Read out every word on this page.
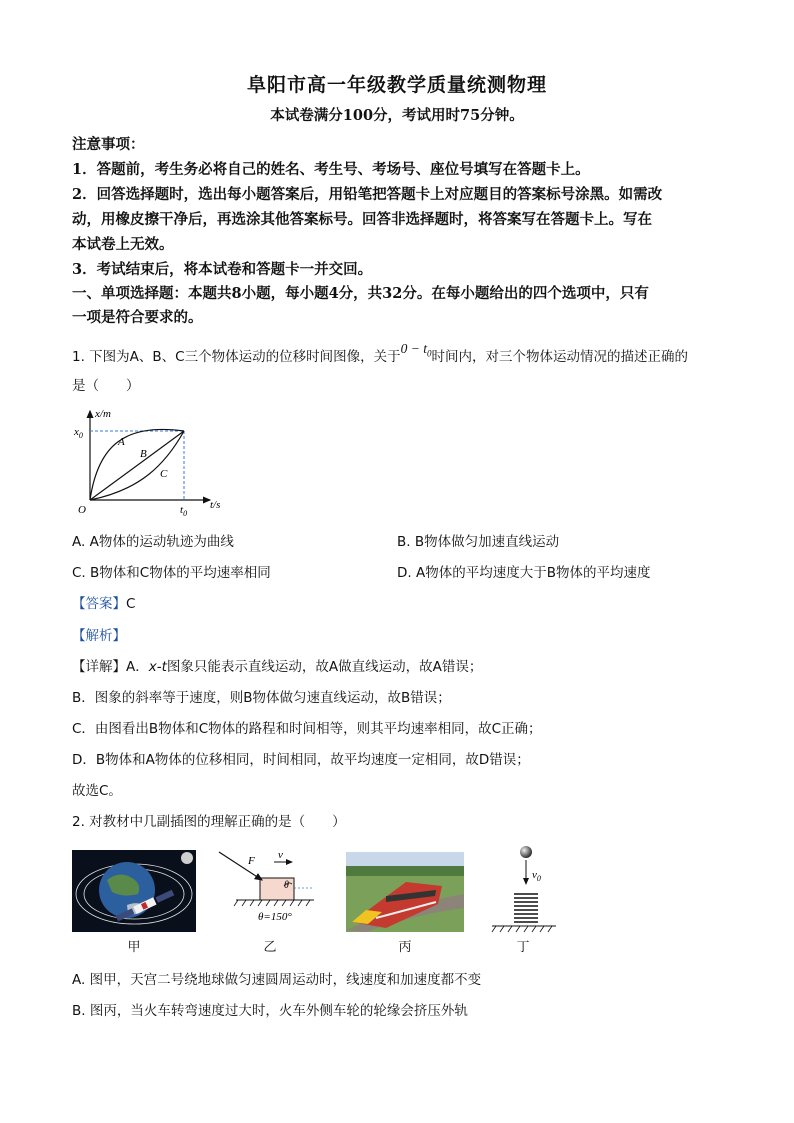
阜阳市高一年级教学质量统测物理
本试卷满分100分，考试用时75分钟。
注意事项：
1．答题前，考生务必将自己的姓名、考生号、考场号、座位号填写在答题卡上。
2．回答选择题时，选出每小题答案后，用铅笔把答题卡上对应题目的答案标号涂黑。如需改
动，用橡皮擦干净后，再选涂其他答案标号。回答非选择题时，将答案写在答题卡上。写在
本试卷上无效。
3．考试结束后，将本试卷和答题卡一并交回。
一、单项选择题：本题共8小题，每小题4分，共32分。在每小题给出的四个选项中，只有
一项是符合要求的。
1. 下图为A、B、C三个物体运动的位移时间图像，关于$0 - t_0$时间内，对三个物体运动情况的描述正确的
是（　　）
x/m
t/s
$x_0$
$t_0$
O
A
B
C
A. A物体的运动轨迹为曲线	B. B物体做匀加速直线运动
C. B物体和C物体的平均速率相同	D. A物体的平均速度大于B物体的平均速度
【答案】C
【解析】
【详解】A．x-t图象只能表示直线运动，故A做直线运动，故A错误；
B．图象的斜率等于速度，则B物体做匀速直线运动，故B错误；
C．由图看出B物体和C物体的路程和时间相等，则其平均速率相同，故C正确；
D．B物体和A物体的位移相同，时间相同，故平均速度一定相同，故D错误；
故选C。
2. 对教材中几副插图的理解正确的是（　　）
F v
θ
θ=150°
$v_0$
甲	乙	丙	丁
A. 图甲，天宫二号绕地球做匀速圆周运动时，线速度和加速度都不变
B. 图丙，当火车转弯速度过大时，火车外侧车轮的轮缘会挤压外轨
